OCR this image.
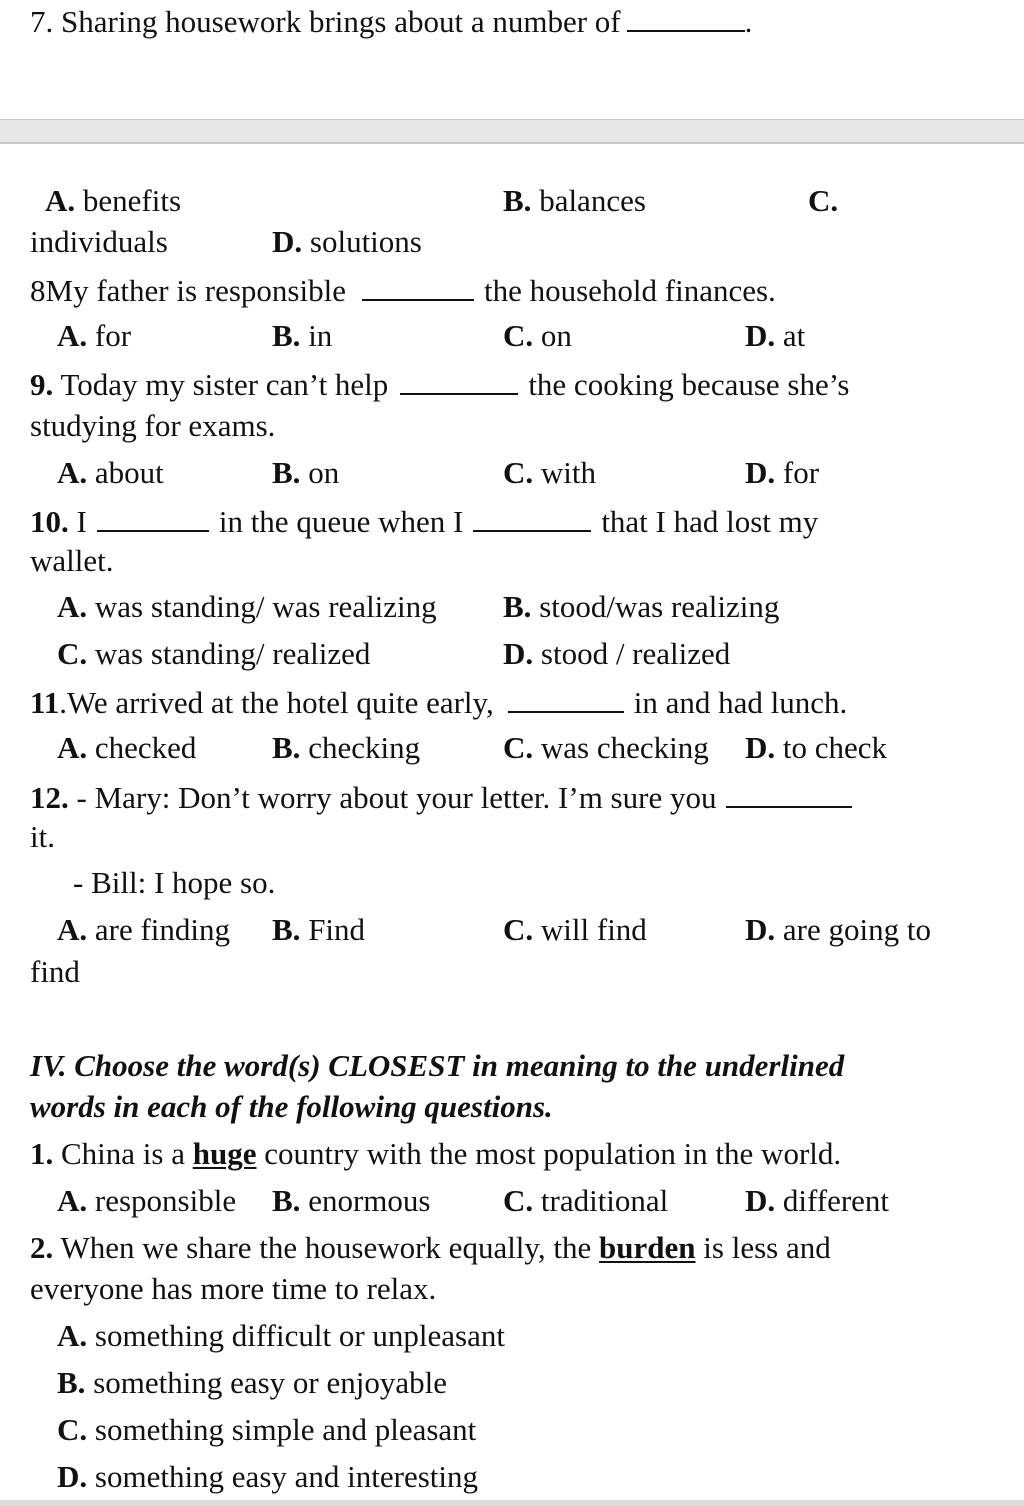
7. Sharing housework brings about a number of	.
A. benefits	B. balances	C.
individuals	D. solutions
8My father is responsible	the household finances.
A. for	B. in	C. on	D. at
9. Today my sister can’t help	the cooking because she’s
studying for exams.
A. about	B. on	C. with	D. for
10. I	in the queue when I	that I had lost my
wallet.
A. was standing/ was realizing B. stood/was realizing
C. was standing/ realized	D. stood / realized
11.We arrived at the hotel quite early,	in and had lunch.
A. checked B. checking	C. was checking D. to check
12. - Mary: Don’t worry about your letter. I’m sure you
it.
- Bill: I hope so.
A. are finding B. Find	C. will find	D. are going to
find
IV. Choose the word(s) CLOSEST in meaning to the underlined
words in each of the following questions.
1. China is a huge country with the most population in the world.
A. responsible B. enormous C. traditional D. different
2. When we share the housework equally, the burden is less and
everyone has more time to relax.
A. something difficult or unpleasant
B. something easy or enjoyable
C. something simple and pleasant
D. something easy and interesting
